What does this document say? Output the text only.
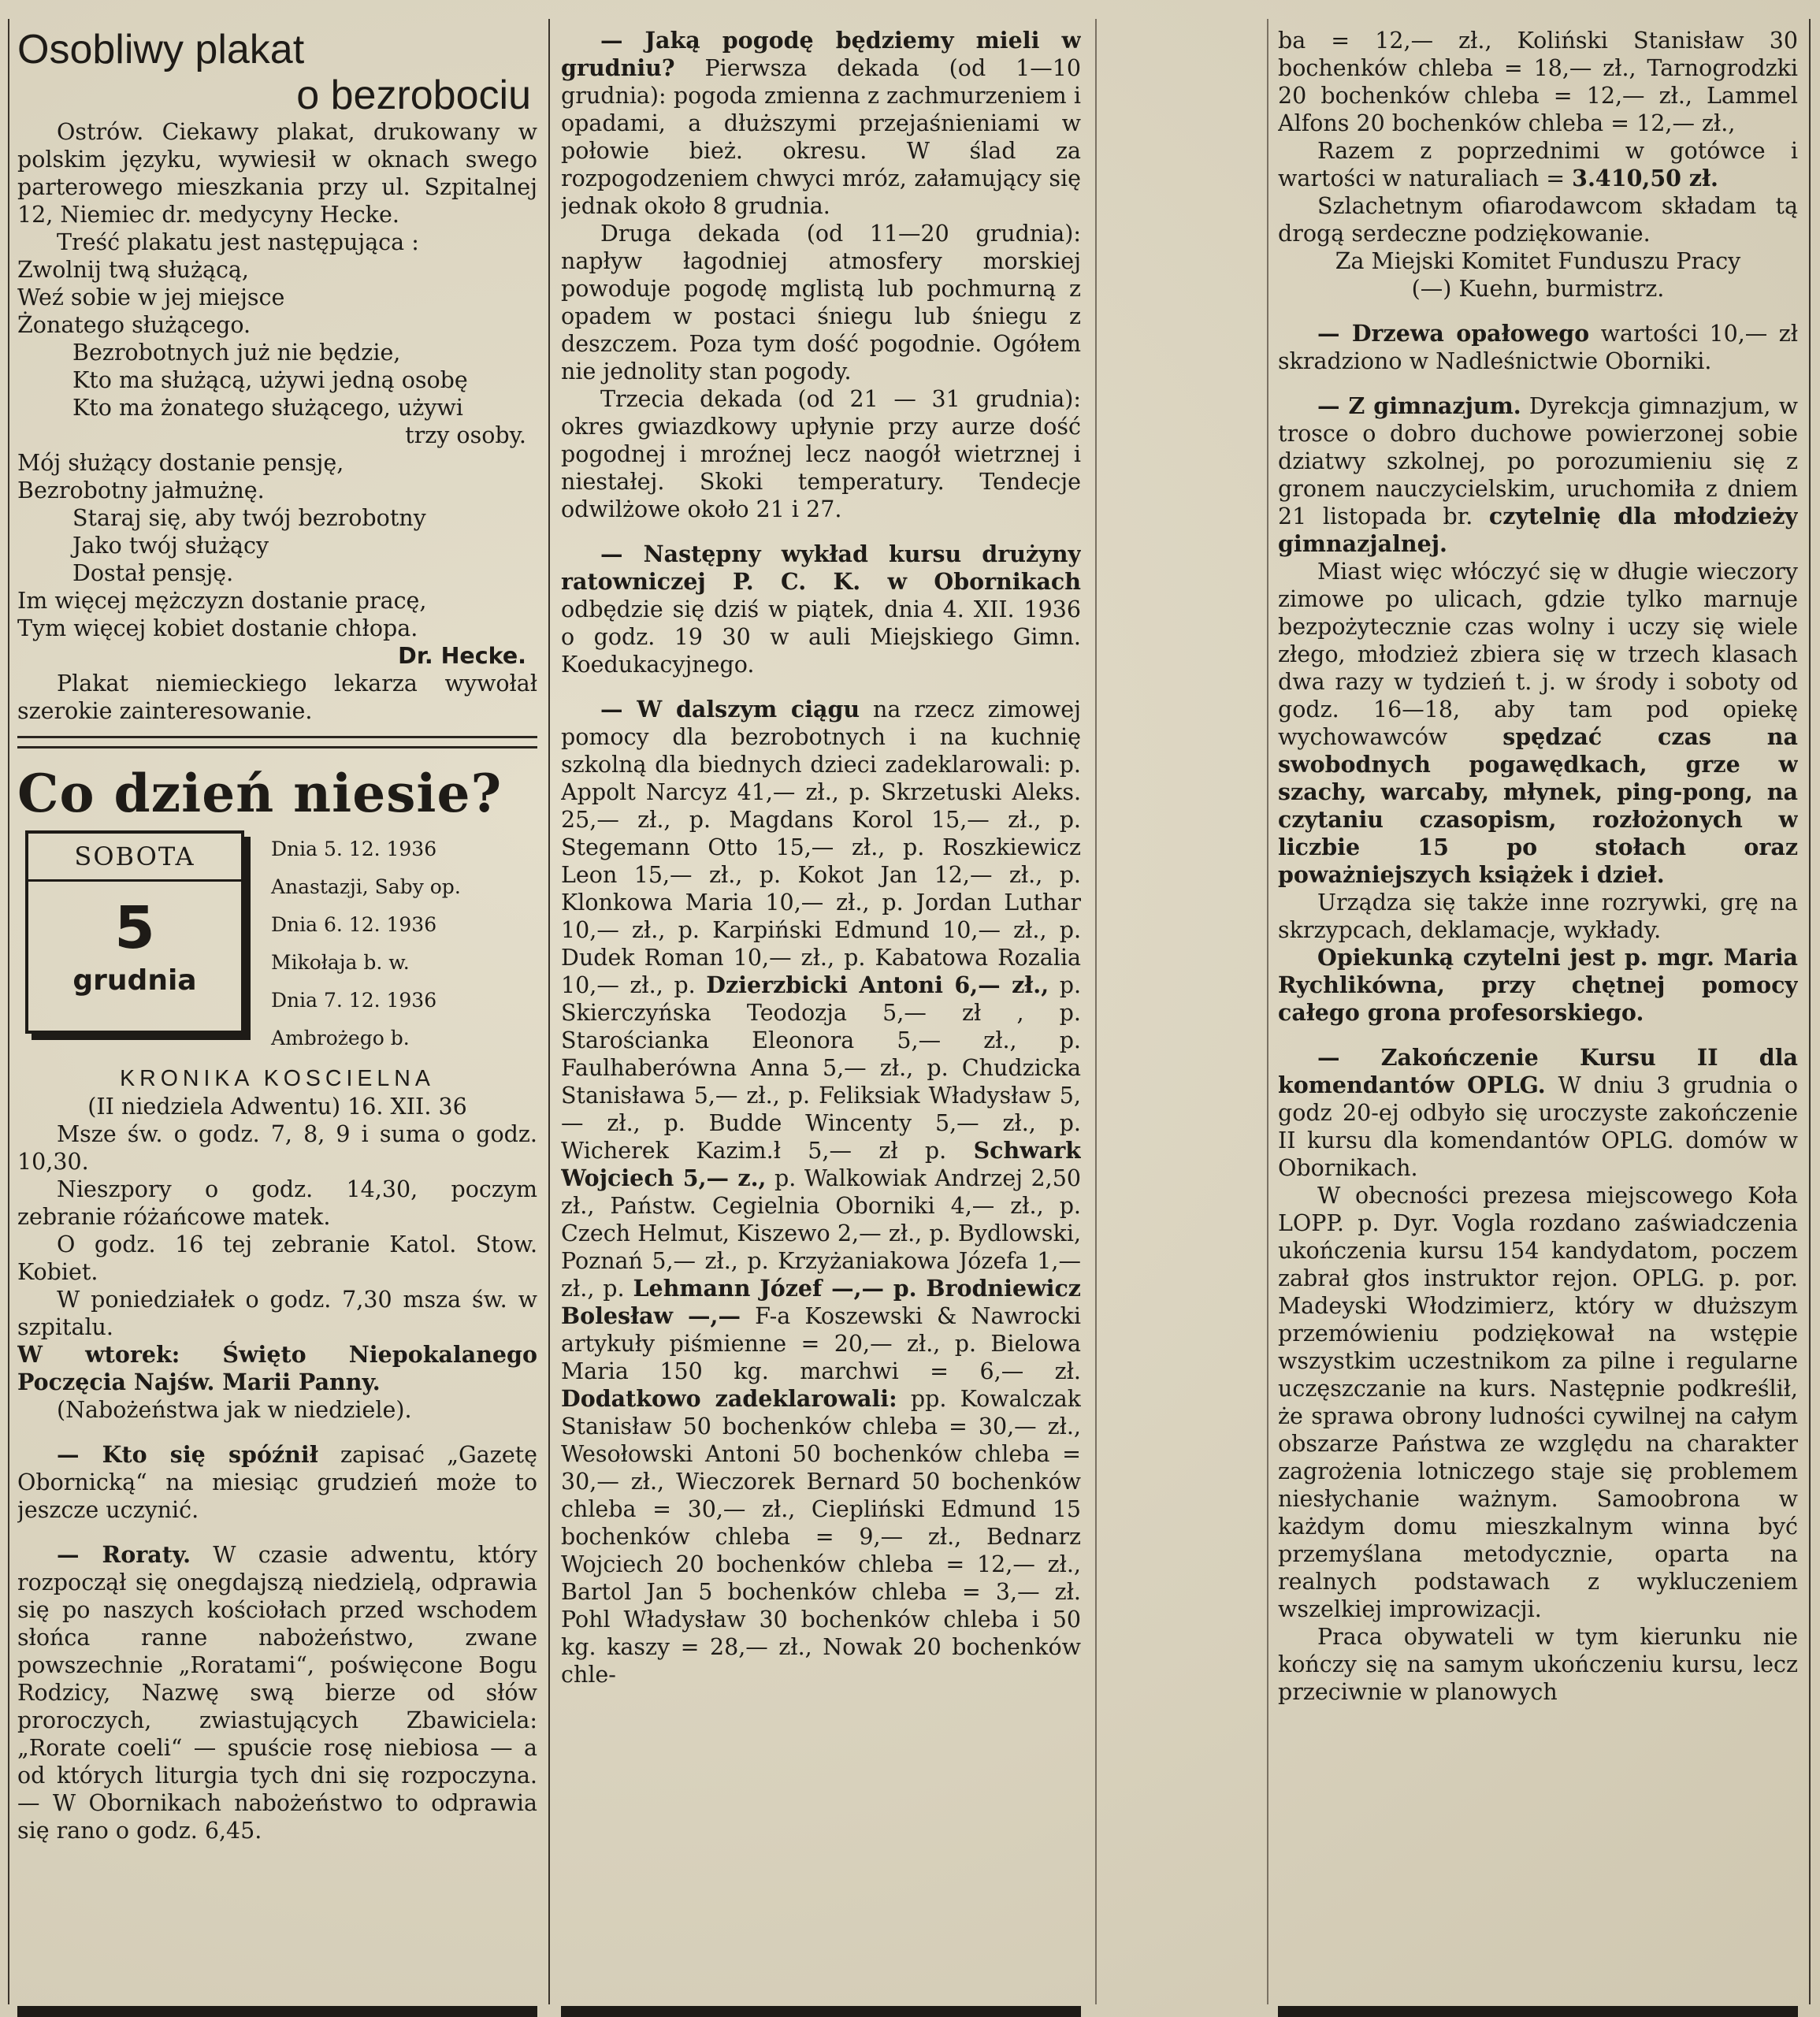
Osobliwy plakat

o bezrobociu

Ostrów. Ciekawy plakat, drukowany w polskim języku, wywiesił w oknach swego parterowego mieszkania przy ul. Szpitalnej 12, Niemiec dr. medycyny Hecke.

Treść plakatu jest następująca :

Zwolnij twą służącą,

Weź sobie w jej miejsce

Żonatego służącego.

Bezrobotnych już nie będzie,

Kto ma służącą, używi jedną osobę

Kto ma żonatego służącego, używi

trzy osoby.

Mój służący dostanie pensję,

Bezrobotny jałmużnę.

Staraj się, aby twój bezrobotny

Jako twój służący

Dostał pensję.

Im więcej mężczyzn dostanie pracę,

Tym więcej kobiet dostanie chłopa.

Dr. Hecke.

Plakat niemieckiego lekarza wywołał szerokie zainteresowanie.

Co dzień niesie?

SOBOTA
5
grudnia

Dnia 5. 12. 1936

Anastazji, Saby op.

Dnia 6. 12. 1936

Mikołaja b. w.

Dnia 7. 12. 1936

Ambrożego b.

KRONIKA KOSCIELNA

(II niedziela Adwentu) 16. XII. 36

Msze św. o godz. 7, 8, 9 i suma o godz. 10,30.

Nieszpory o godz. 14,30, poczym zebranie różańcowe matek.

O godz. 16 tej zebranie Katol. Stow. Kobiet.

W poniedziałek o godz. 7,30 msza św. w szpitalu.

W wtorek: Święto Niepokalanego Poczęcia Najśw. Marii Panny.

(Nabożeństwa jak w niedziele).

— Kto się spóźnił zapisać „Gazetę Obornicką“ na miesiąc grudzień może to jeszcze uczynić.

— Roraty. W czasie adwentu, który rozpoczął się onegdajszą niedzielą, odprawia się po naszych kościołach przed wschodem słońca ranne nabożeństwo, zwane powszechnie „Roratami“, poświęcone Bogu Rodzicy, Nazwę swą bierze od słów proroczych, zwiastujących Zbawiciela: „Rorate coeli“ — spuście rosę niebiosa — a od których liturgia tych dni się rozpoczyna. — W Obornikach nabożeństwo to odprawia się rano o godz. 6,45.

— Jaką pogodę będziemy mieli w grudniu? Pierwsza dekada (od 1—10 grudnia): pogoda zmienna z zachmurzeniem i opadami, a dłuższymi przejaśnieniami w połowie bież. okresu. W ślad za rozpogodzeniem chwyci mróz, załamujący się jednak około 8 grudnia.

Druga dekada (od 11—20 grudnia): napływ łagodniej atmosfery morskiej powoduje pogodę mglistą lub pochmurną z opadem w postaci śniegu lub śniegu z deszczem. Poza tym dość pogodnie. Ogółem nie jednolity stan pogody.

Trzecia dekada (od 21 — 31 grudnia): okres gwiazdkowy upłynie przy aurze dość pogodnej i mroźnej lecz naogół wietrznej i niestałej. Skoki temperatury. Tendecje odwilżowe około 21 i 27.

— Następny wykład kursu drużyny ratowniczej P. C. K. w Obornikach odbędzie się dziś w piątek, dnia 4. XII. 1936 o godz. 19 30 w auli Miejskiego Gimn. Koedukacyjnego.

— W dalszym ciągu na rzecz zimowej pomocy dla bezrobotnych i na kuchnię szkolną dla biednych dzieci zadeklarowali: p. Appolt Narcyz 41,— zł., p. Skrzetuski Aleks. 25,— zł., p. Magdans Korol 15,— zł., p. Stegemann Otto 15,— zł., p. Roszkiewicz Leon 15,— zł., p. Kokot Jan 12,— zł., p. Klonkowa Maria 10,— zł., p. Jordan Luthar 10,— zł., p. Karpiński Edmund 10,— zł., p. Dudek Roman 10,— zł., p. Kabatowa Rozalia 10,— zł., p. Dzierzbicki Antoni 6,— zł., p. Skierczyńska Teodozja 5,— zł , p. Starościanka Eleonora 5,— zł., p. Faulhaberówna Anna 5,— zł., p. Chudzicka Stanisława 5,— zł., p. Feliksiak Władysław 5,— zł., p. Budde Wincenty 5,— zł., p. Wicherek Kazim.ł 5,— zł p. Schwark Wojciech 5,— z., p. Walkowiak Andrzej 2,50 zł., Państw. Cegielnia Oborniki 4,— zł., p. Czech Helmut, Kiszewo 2,— zł., p. Bydlowski, Poznań 5,— zł., p. Krzyżaniakowa Józefa 1,— zł., p. Lehmann Józef —,— p. Brodniewicz Bolesław —,— F-a Koszewski & Nawrocki artykuły piśmienne = 20,— zł., p. Bielowa Maria 150 kg. marchwi = 6,— zł. Dodatkowo zadeklarowali: pp. Kowalczak Stanisław 50 bochenków chleba = 30,— zł., Wesołowski Antoni 50 bochenków chleba = 30,— zł., Wieczorek Bernard 50 bochenków chleba = 30,— zł., Ciepliński Edmund 15 bochenków chleba = 9,— zł., Bednarz Wojciech 20 bochenków chleba = 12,— zł., Bartol Jan 5 bochenków chleba = 3,— zł. Pohl Władysław 30 bochenków chleba i 50 kg. kaszy = 28,— zł., Nowak 20 bochenków chle-

ba = 12,— zł., Koliński Stanisław 30 bochenków chleba = 18,— zł., Tarnogrodzki 20 bochenków chleba = 12,— zł., Lammel Alfons 20 bochenków chleba = 12,— zł.,

Razem z poprzednimi w gotówce i wartości w naturaliach = 3.410,50 zł.

Szlachetnym ofiarodawcom składam tą drogą serdeczne podziękowanie.

Za Miejski Komitet Funduszu Pracy

(—) Kuehn, burmistrz.

— Drzewa opałowego wartości 10,— zł skradziono w Nadleśnictwie Oborniki.

— Z gimnazjum. Dyrekcja gimnazjum, w trosce o dobro duchowe powierzonej sobie dziatwy szkolnej, po porozumieniu się z gronem nauczycielskim, uruchomiła z dniem 21 listopada br. czytelnię dla młodzieży gimnazjalnej.

Miast więc włóczyć się w długie wieczory zimowe po ulicach, gdzie tylko marnuje bezpożytecznie czas wolny i uczy się wiele złego, młodzież zbiera się w trzech klasach dwa razy w tydzień t. j. w środy i soboty od godz. 16—18, aby tam pod opiekę wychowawców spędzać czas na swobodnych pogawędkach, grze w szachy, warcaby, młynek, ping-pong, na czytaniu czasopism, rozłożonych w liczbie 15 po stołach oraz poważniejszych książek i dzieł.

Urządza się także inne rozrywki, grę na skrzypcach, deklamacje, wykłady.

Opiekunką czytelni jest p. mgr. Maria Rychlikówna, przy chętnej pomocy całego grona profesorskiego.

— Zakończenie Kursu II dla komendantów OPLG. W dniu 3 grudnia o godz 20-ej odbyło się uroczyste zakończenie II kursu dla komendantów OPLG. domów w Obornikach.

W obecności prezesa miejscowego Koła LOPP. p. Dyr. Vogla rozdano zaświadczenia ukończenia kursu 154 kandydatom, poczem zabrał głos instruktor rejon. OPLG. p. por. Madeyski Włodzimierz, który w dłuższym przemówieniu podziękował na wstępie wszystkim uczestnikom za pilne i regularne uczęszczanie na kurs. Następnie podkreślił, że sprawa obrony ludności cywilnej na całym obszarze Państwa ze względu na charakter zagrożenia lotniczego staje się problemem niesłychanie ważnym. Samoobrona w każdym domu mieszkalnym winna być przemyślana metodycznie, oparta na realnych podstawach z wykluczeniem wszelkiej improwizacji.

Praca obywateli w tym kierunku nie kończy się na samym ukończeniu kursu, lecz przeciwnie w planowych
